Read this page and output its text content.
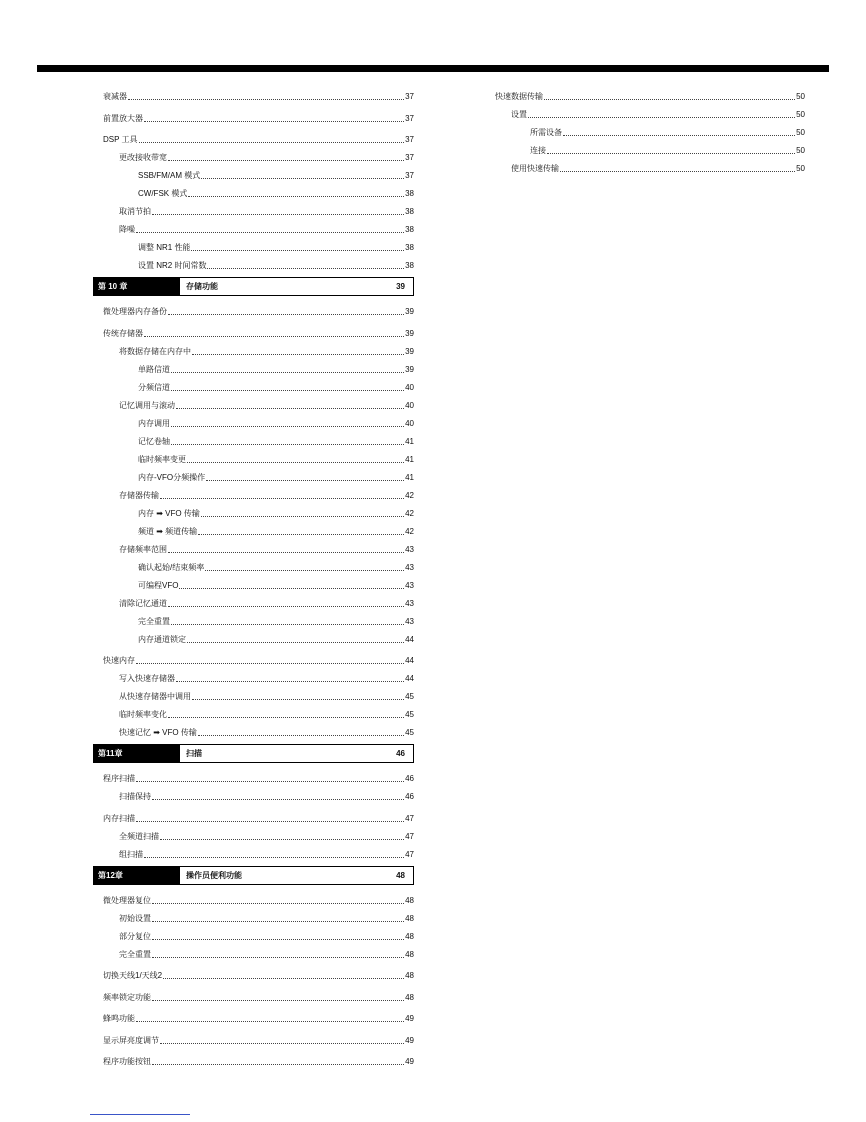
衰减器	37
前置放大器	37
DSP 工具	37
更改接收带宽	37
SSB/FM/AM 模式	37
CW/FSK 模式	38
取消节拍	38
降噪	38
调整 NR1 性能	38
设置 NR2 时间常数	38
第 10 章	存储功能	39
微处理器内存备份	39
传统存储器	39
将数据存储在内存中	39
单路信道	39
分频信道	40
记忆调用与滚动	40
内存调用	40
记忆卷轴	41
临时频率变更	41
内存-VFO分频操作	41
存储器传输	42
内存 ➡ VFO 传输	42
频道 ➡ 频道传输	42
存储频率范围	43
确认起始/结束频率	43
可编程VFO	43
清除记忆通道	43
完全重置	43
内存通道锁定	44
快速内存	44
写入快速存储器	44
从快速存储器中调用	45
临时频率变化	45
快速记忆 ➡ VFO 传输	45
第11章	扫描	46
程序扫描	46
扫描保持	46
内存扫描	47
全频道扫描	47
组扫描	47
第12章	操作员便利功能	48
微处理器复位	48
初始设置	48
部分复位	48
完全重置	48
切换天线1/天线2	48
频率锁定功能	48
蜂鸣功能	49
显示屏亮度调节	49
程序功能按钮	49
快速数据传输	50
设置	50
所需设备	50
连接	50
使用快速传输	50
